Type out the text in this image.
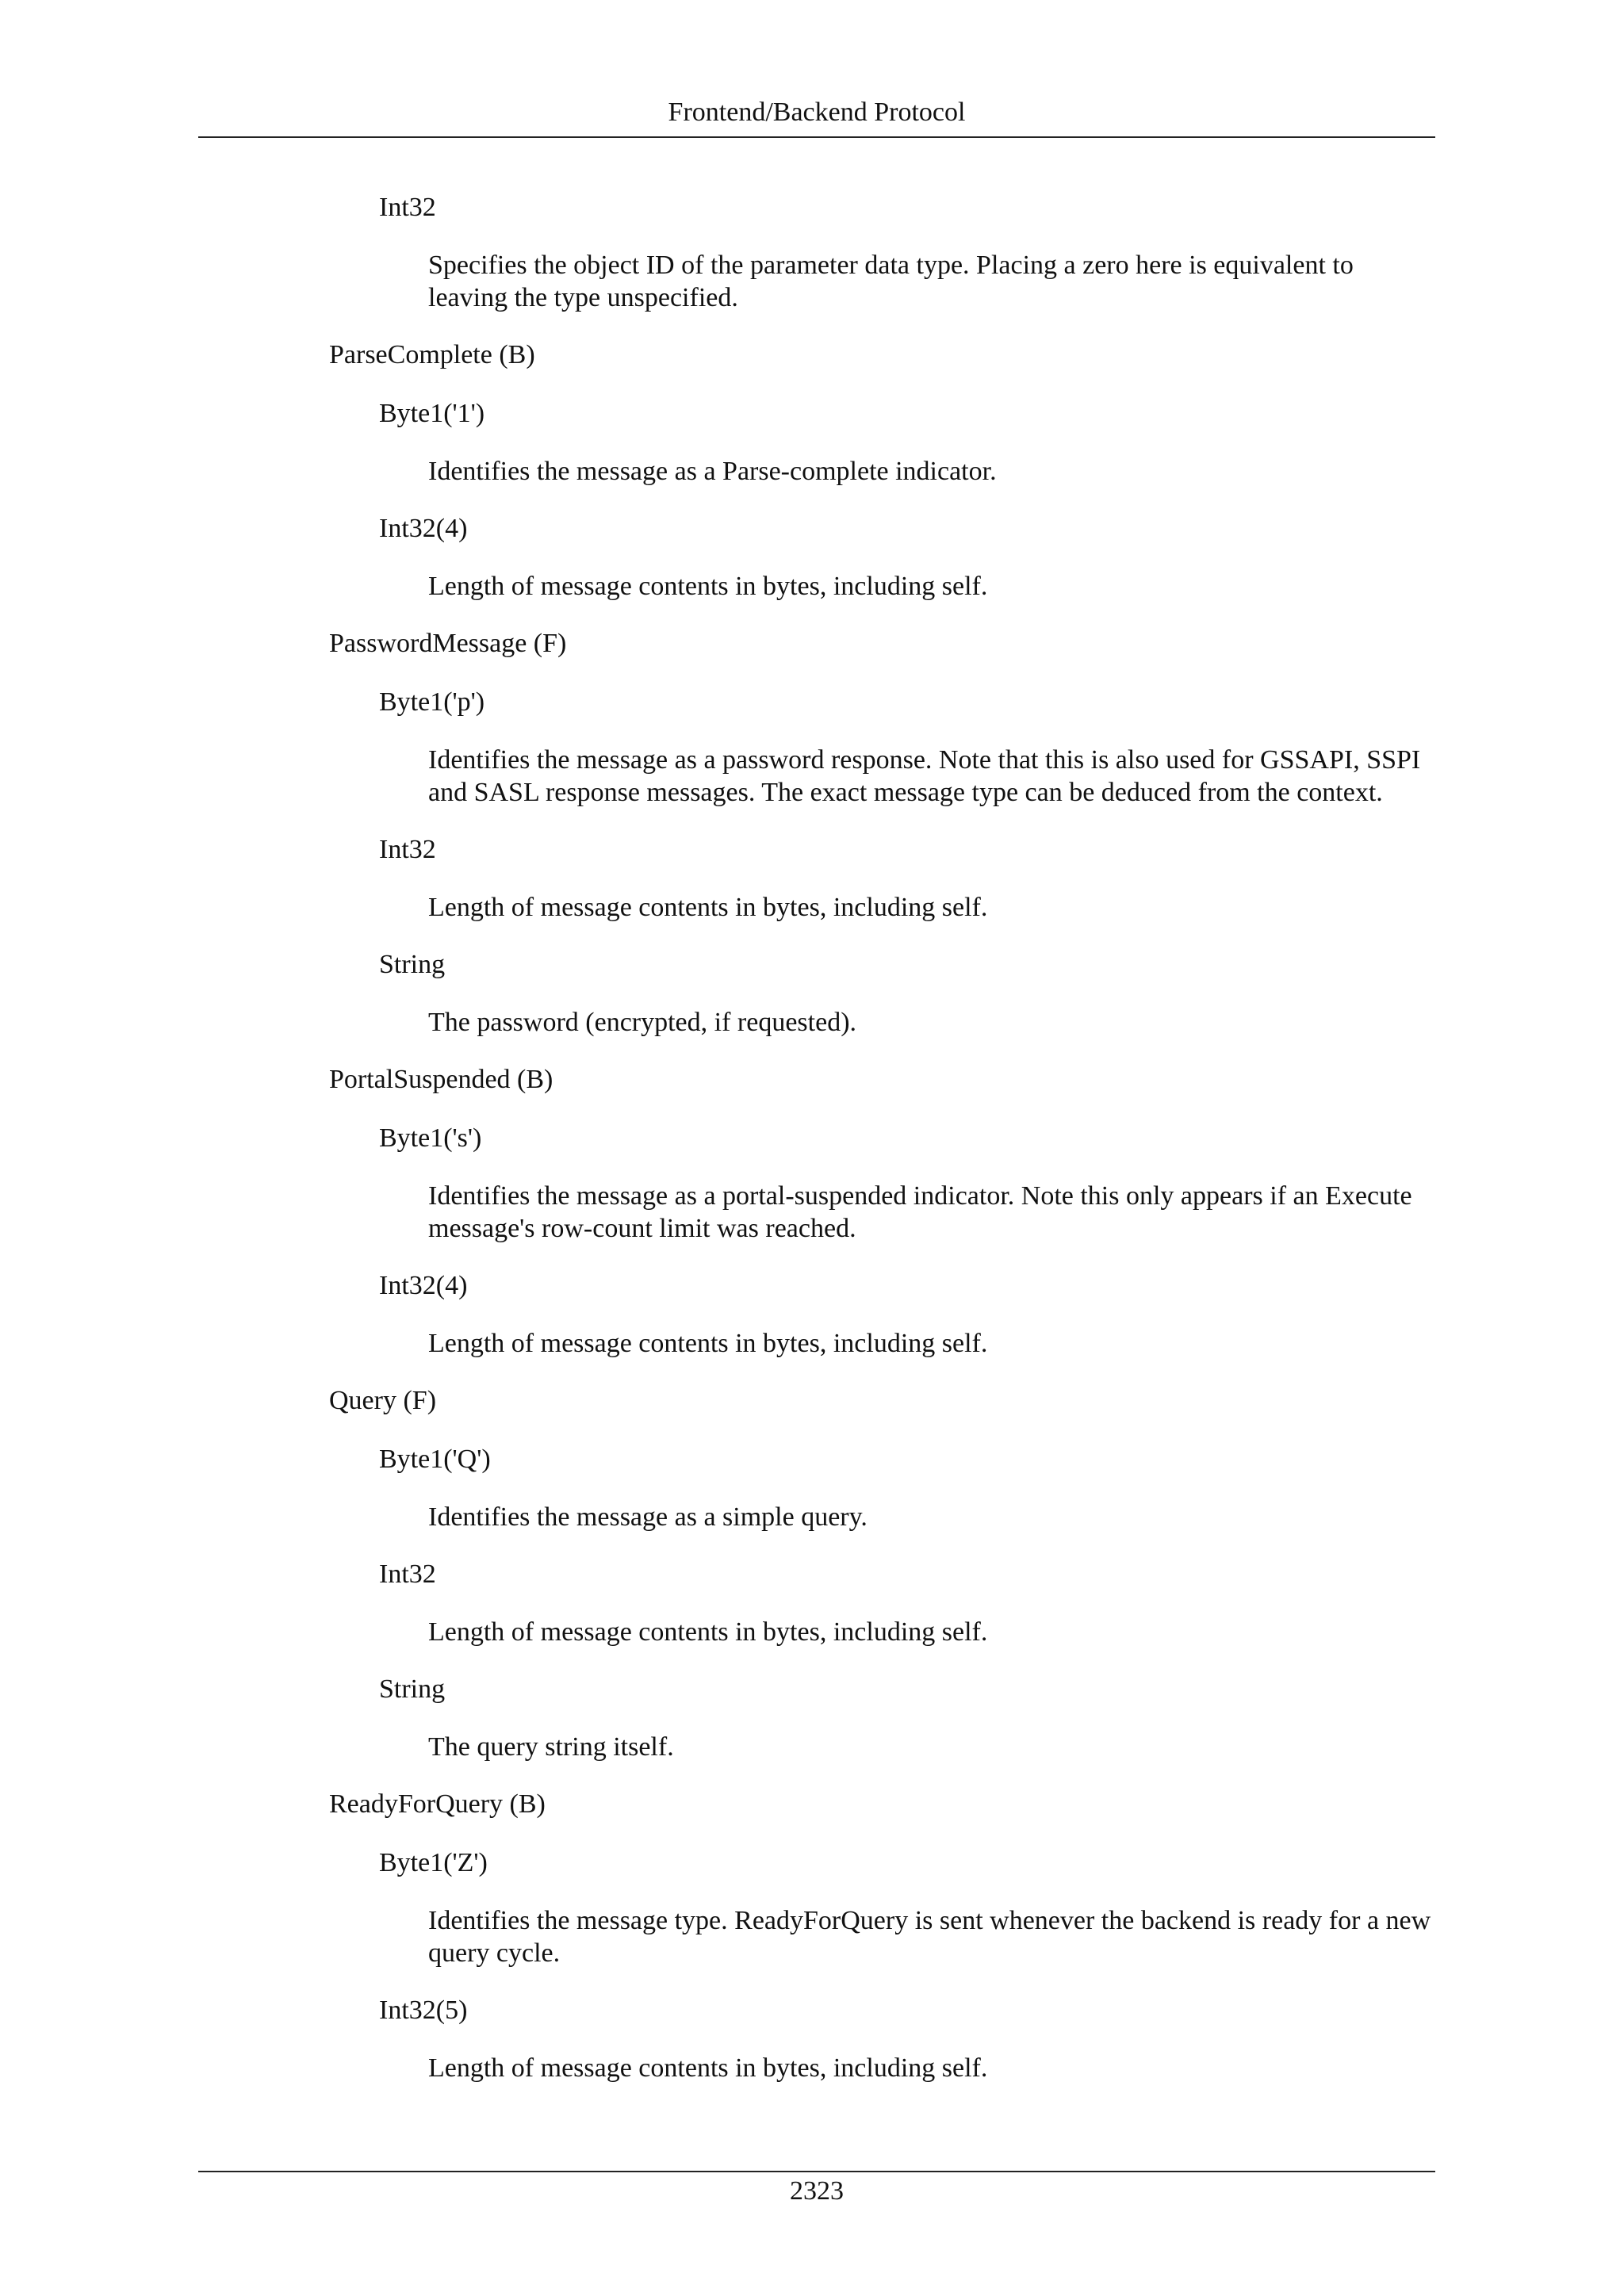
Frontend/Backend Protocol
Int32
Specifies the object ID of the parameter data type. Placing a zero here is equivalent to leaving the type unspecified.
ParseComplete (B)
Byte1('1')
Identifies the message as a Parse-complete indicator.
Int32(4)
Length of message contents in bytes, including self.
PasswordMessage (F)
Byte1('p')
Identifies the message as a password response. Note that this is also used for GSSAPI, SSPI and SASL response messages. The exact message type can be deduced from the context.
Int32
Length of message contents in bytes, including self.
String
The password (encrypted, if requested).
PortalSuspended (B)
Byte1('s')
Identifies the message as a portal-suspended indicator. Note this only appears if an Execute message's row-count limit was reached.
Int32(4)
Length of message contents in bytes, including self.
Query (F)
Byte1('Q')
Identifies the message as a simple query.
Int32
Length of message contents in bytes, including self.
String
The query string itself.
ReadyForQuery (B)
Byte1('Z')
Identifies the message type. ReadyForQuery is sent whenever the backend is ready for a new query cycle.
Int32(5)
Length of message contents in bytes, including self.
2323
